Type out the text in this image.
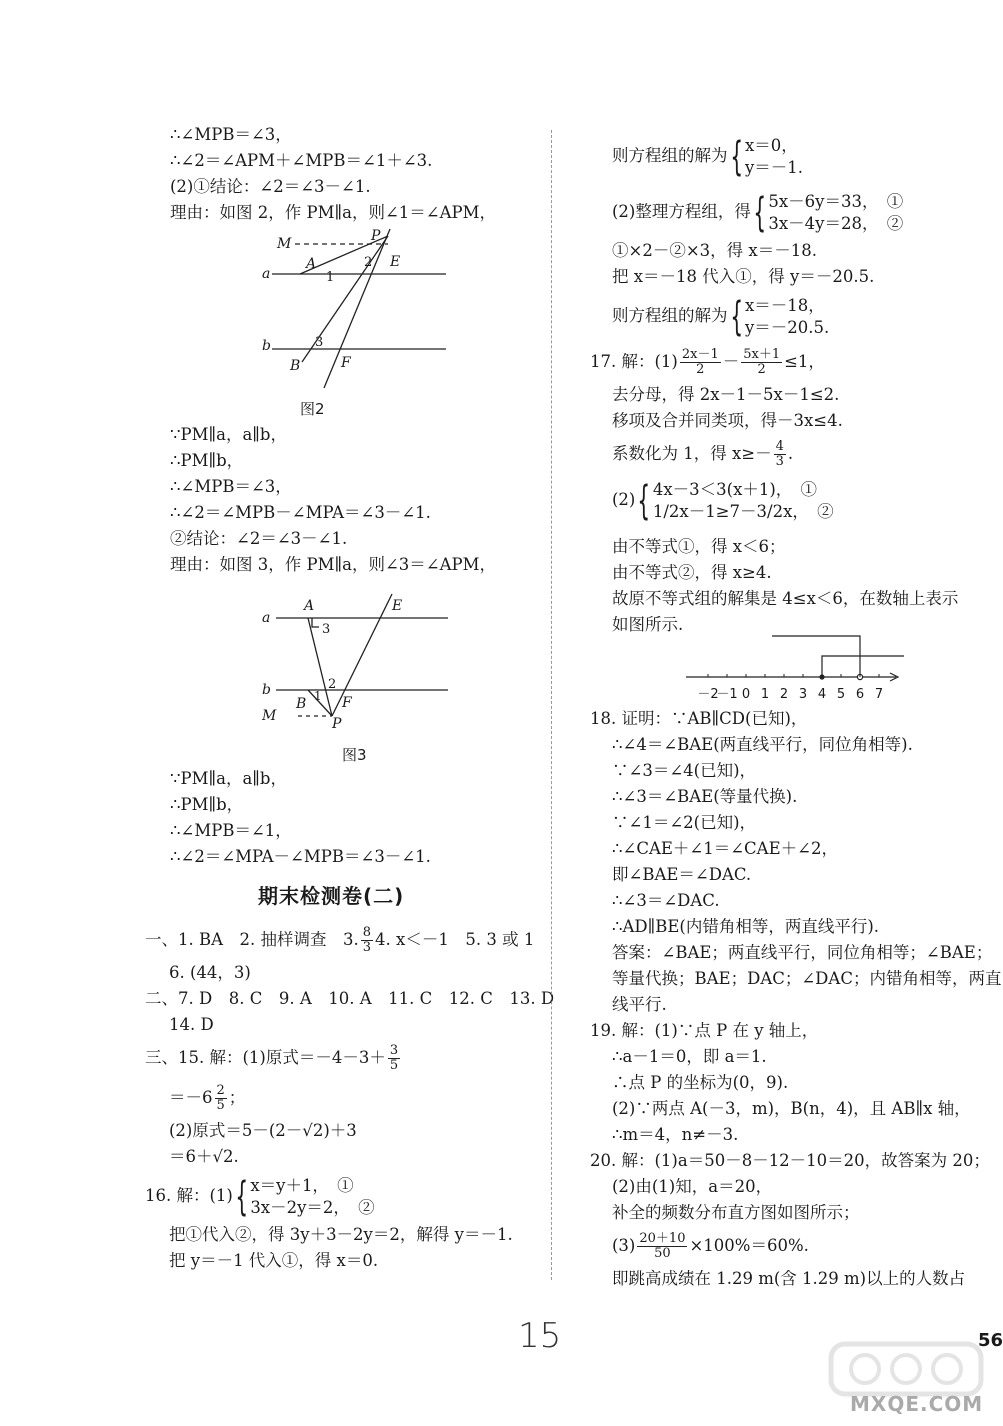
∴∠MPB＝∠3，
∴∠2＝∠APM＋∠MPB＝∠1＋∠3.
(2)①结论：∠2＝∠3－∠1.
理由：如图 2，作 PM∥a，则∠1＝∠APM，
M	P
A	2
1
E
a
b	3
B	F
图2
∵PM∥a，a∥b，
∴PM∥b，
∴∠MPB＝∠3，
∴∠2＝∠MPB－∠MPA＝∠3－∠1.
②结论：∠2＝∠3－∠1.
理由：如图 3，作 PM∥a，则∠3＝∠APM，
A	E
a
3
2
b	1
B	F
M	P
图3
∵PM∥a，a∥b，
∴PM∥b，
∴∠MPB＝∠1，
∴∠2＝∠MPA－∠MPB＝∠3－∠1.
期末检测卷(二)
一、1. BA　2. 抽样调查　3. $\frac{8}{3} 4$. x＜－1　5. 3 或 1
6. (44，3)
二、7. D　8. C　9. A　10. A　11. C　12. C　13. D
14. D
三、15. 解：(1)原式$=-4-3+ \frac{3}{5}$
$=-6 \frac{2}{5}$ ；
(2)原式＝5－(2－√2)＋3
＝6＋√2.
16. 解：(1) { x＝y＋1，　①
3x－2y＝2，　②
把①代入②，得 3y＋3－2y＝2，解得 y＝－1.
把 y＝－1 代入①，得 x＝0.
则方程组的解为 { x＝0，
y＝－1.
(2)整理方程组，得 { 5x－6y＝33，　①
3x－4y＝28，　②
①×2－②×3，得 x＝－18.
把 x＝－18 代入①，得 y＝－20.5.
则方程组的解为 { x＝－18，
y＝－20.5.
17. 解：$(1) \frac{2x-1}{2} - \frac{5x+1}{2} \le 1$，
去分母，得 2x－1－5x－1≤2.
移项及合并同类项，得－3x≤4.
系数化为 1，得 $x\ge- \frac{4}{3}$ .
(2) { 4x－3＜3(x＋1)，　①
1/2x－1≥7－3/2x，　②
由不等式①，得 x＜6；
由不等式②，得 x≥4.
故原不等式组的解集是 4≤x＜6，在数轴上表示
如图所示.
－2
－1 0 1 2 3 4 5 6 7
18. 证明：∵AB∥CD(已知)，
∴∠4＝∠BAE(两直线平行，同位角相等).
∵∠3＝∠4(已知)，
∴∠3＝∠BAE(等量代换).
∵∠1＝∠2(已知)，
∴∠CAE＋∠1＝∠CAE＋∠2，
即∠BAE＝∠DAC.
∴∠3＝∠DAC.
∴AD∥BE(内错角相等，两直线平行).
答案：∠BAE；两直线平行，同位角相等；∠BAE；
等量代换；BAE；DAC；∠DAC；内错角相等，两直
线平行.
19. 解：(1)∵点 P 在 y 轴上，
∴a－1＝0，即 a＝1.
∴点 P 的坐标为(0，9).
(2)∵两点 A(－3，m)，B(n，4)，且 AB∥x 轴，
∴m＝4，n≠－3.
20. 解：(1)a＝50－8－12－10＝20，故答案为 20；
(2)由(1)知，a＝20，
补全的频数分布直方图如图所示；
$(3) \frac{20+10}{50} \times 100\%=60\%$.
即跳高成绩在 1.29 m(含 1.29 m)以上的人数占
15	56
MXQE.COM
